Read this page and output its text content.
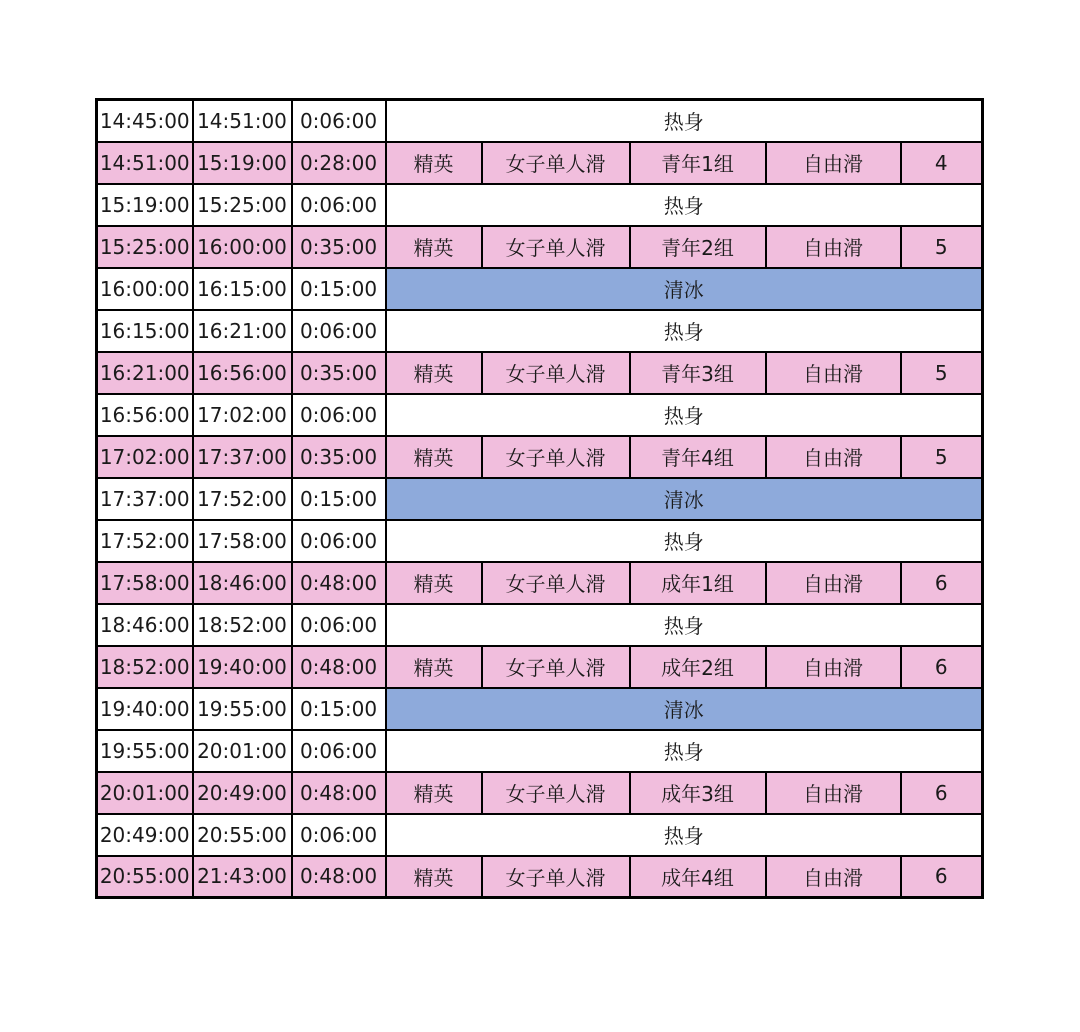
14:45:00	14:51:00	0:06:00	热身				
14:51:00	15:19:00	0:28:00	精英	女子单人滑	青年1组	自由滑	4
15:19:00	15:25:00	0:06:00	热身				
15:25:00	16:00:00	0:35:00	精英	女子单人滑	青年2组	自由滑	5
16:00:00	16:15:00	0:15:00	清冰				
16:15:00	16:21:00	0:06:00	热身				
16:21:00	16:56:00	0:35:00	精英	女子单人滑	青年3组	自由滑	5
16:56:00	17:02:00	0:06:00	热身				
17:02:00	17:37:00	0:35:00	精英	女子单人滑	青年4组	自由滑	5
17:37:00	17:52:00	0:15:00	清冰				
17:52:00	17:58:00	0:06:00	热身				
17:58:00	18:46:00	0:48:00	精英	女子单人滑	成年1组	自由滑	6
18:46:00	18:52:00	0:06:00	热身				
18:52:00	19:40:00	0:48:00	精英	女子单人滑	成年2组	自由滑	6
19:40:00	19:55:00	0:15:00	清冰				
19:55:00	20:01:00	0:06:00	热身				
20:01:00	20:49:00	0:48:00	精英	女子单人滑	成年3组	自由滑	6
20:49:00	20:55:00	0:06:00	热身				
20:55:00	21:43:00	0:48:00	精英	女子单人滑	成年4组	自由滑	6
